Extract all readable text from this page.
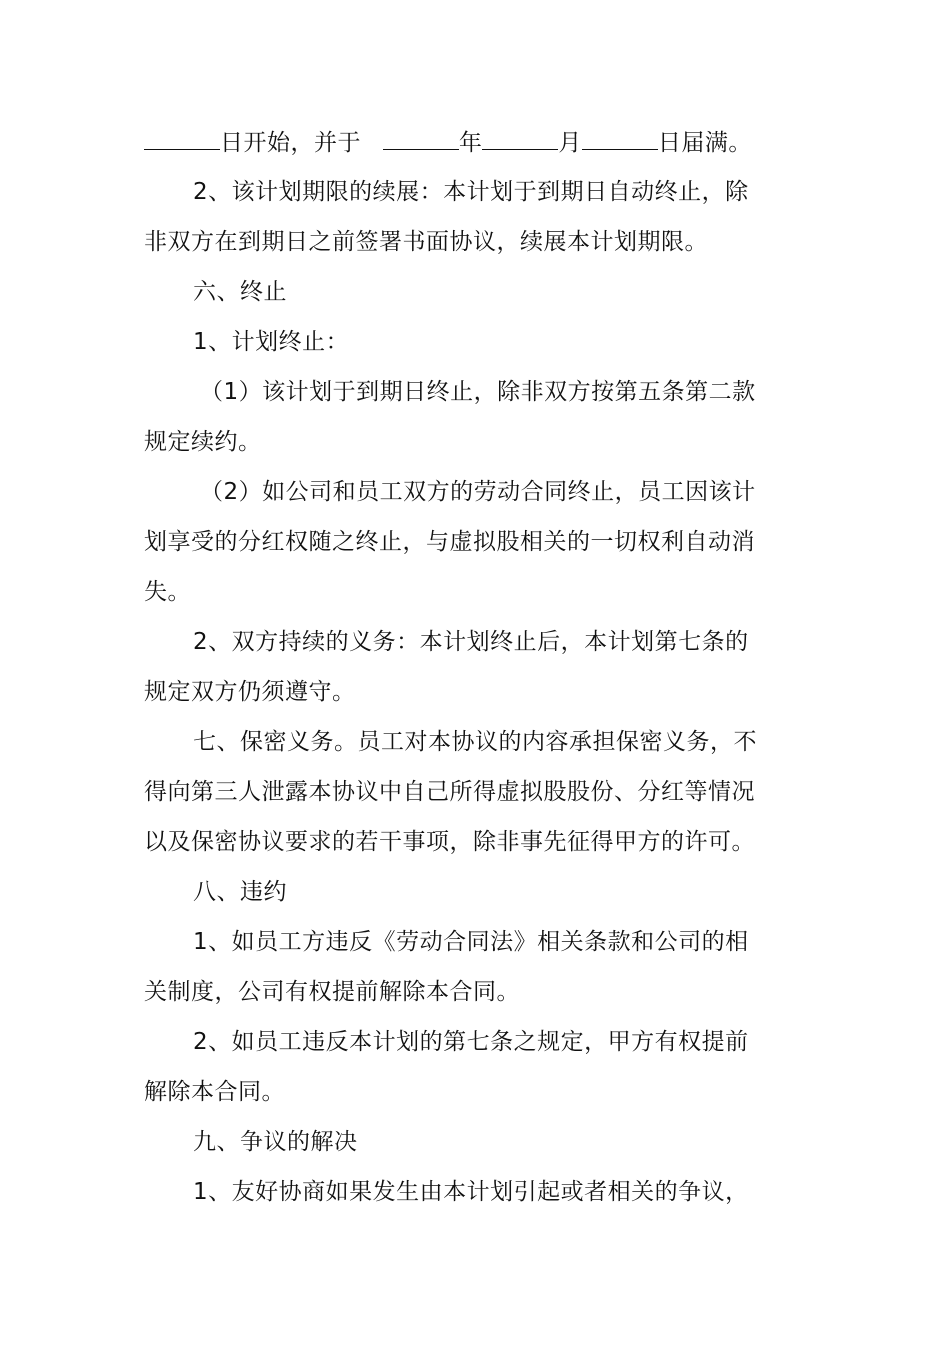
日开始，并于	年	月	日届满。
2、该计划期限的续展：本计划于到期日自动终止，除
非双方在到期日之前签署书面协议，续展本计划期限。
六、终止
1、计划终止：
（1）该计划于到期日终止，除非双方按第五条第二款
规定续约。
（2）如公司和员工双方的劳动合同终止，员工因该计
划享受的分红权随之终止，与虚拟股相关的一切权利自动消
失。
2、双方持续的义务：本计划终止后，本计划第七条的
规定双方仍须遵守。
七、保密义务。员工对本协议的内容承担保密义务，不
得向第三人泄露本协议中自己所得虚拟股股份、分红等情况
以及保密协议要求的若干事项，除非事先征得甲方的许可。
八、违约
1、如员工方违反《劳动合同法》相关条款和公司的相
关制度，公司有权提前解除本合同。
2、如员工违反本计划的第七条之规定，甲方有权提前
解除本合同。
九、争议的解决
1、友好协商如果发生由本计划引起或者相关的争议，
